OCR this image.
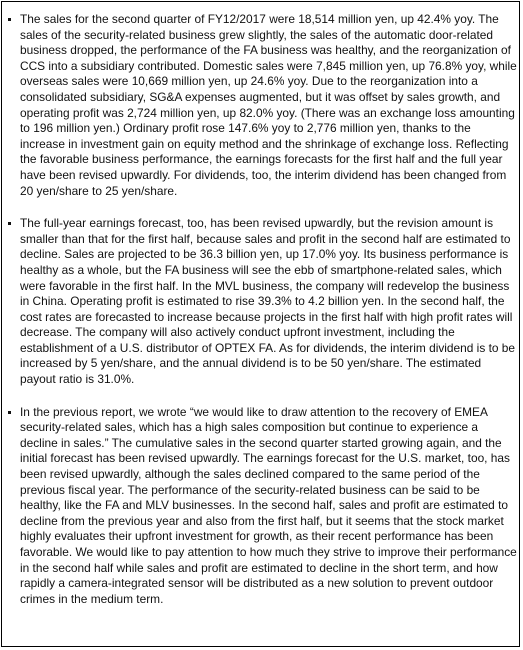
The sales for the second quarter of FY12/2017 were 18,514 million yen, up 42.4% yoy. The sales of the security-related business grew slightly, the sales of the automatic door-related business dropped, the performance of the FA business was healthy, and the reorganization of CCS into a subsidiary contributed. Domestic sales were 7,845 million yen, up 76.8% yoy, while overseas sales were 10,669 million yen, up 24.6% yoy. Due to the reorganization into a consolidated subsidiary, SG&A expenses augmented, but it was offset by sales growth, and operating profit was 2,724 million yen, up 82.0% yoy. (There was an exchange loss amounting to 196 million yen.) Ordinary profit rose 147.6% yoy to 2,776 million yen, thanks to the increase in investment gain on equity method and the shrinkage of exchange loss. Reflecting the favorable business performance, the earnings forecasts for the first half and the full year have been revised upwardly. For dividends, too, the interim dividend has been changed from 20 yen/share to 25 yen/share.
The full-year earnings forecast, too, has been revised upwardly, but the revision amount is smaller than that for the first half, because sales and profit in the second half are estimated to decline. Sales are projected to be 36.3 billion yen, up 17.0% yoy. Its business performance is healthy as a whole, but the FA business will see the ebb of smartphone-related sales, which were favorable in the first half. In the MVL business, the company will redevelop the business in China. Operating profit is estimated to rise 39.3% to 4.2 billion yen. In the second half, the cost rates are forecasted to increase because projects in the first half with high profit rates will decrease. The company will also actively conduct upfront investment, including the establishment of a U.S. distributor of OPTEX FA. As for dividends, the interim dividend is to be increased by 5 yen/share, and the annual dividend is to be 50 yen/share. The estimated payout ratio is 31.0%.
In the previous report, we wrote “we would like to draw attention to the recovery of EMEA security-related sales, which has a high sales composition but continue to experience a decline in sales.” The cumulative sales in the second quarter started growing again, and the initial forecast has been revised upwardly. The earnings forecast for the U.S. market, too, has been revised upwardly, although the sales declined compared to the same period of the previous fiscal year. The performance of the security-related business can be said to be healthy, like the FA and MLV businesses. In the second half, sales and profit are estimated to decline from the previous year and also from the first half, but it seems that the stock market highly evaluates their upfront investment for growth, as their recent performance has been favorable. We would like to pay attention to how much they strive to improve their performance in the second half while sales and profit are estimated to decline in the short term, and how rapidly a camera-integrated sensor will be distributed as a new solution to prevent outdoor crimes in the medium term.
